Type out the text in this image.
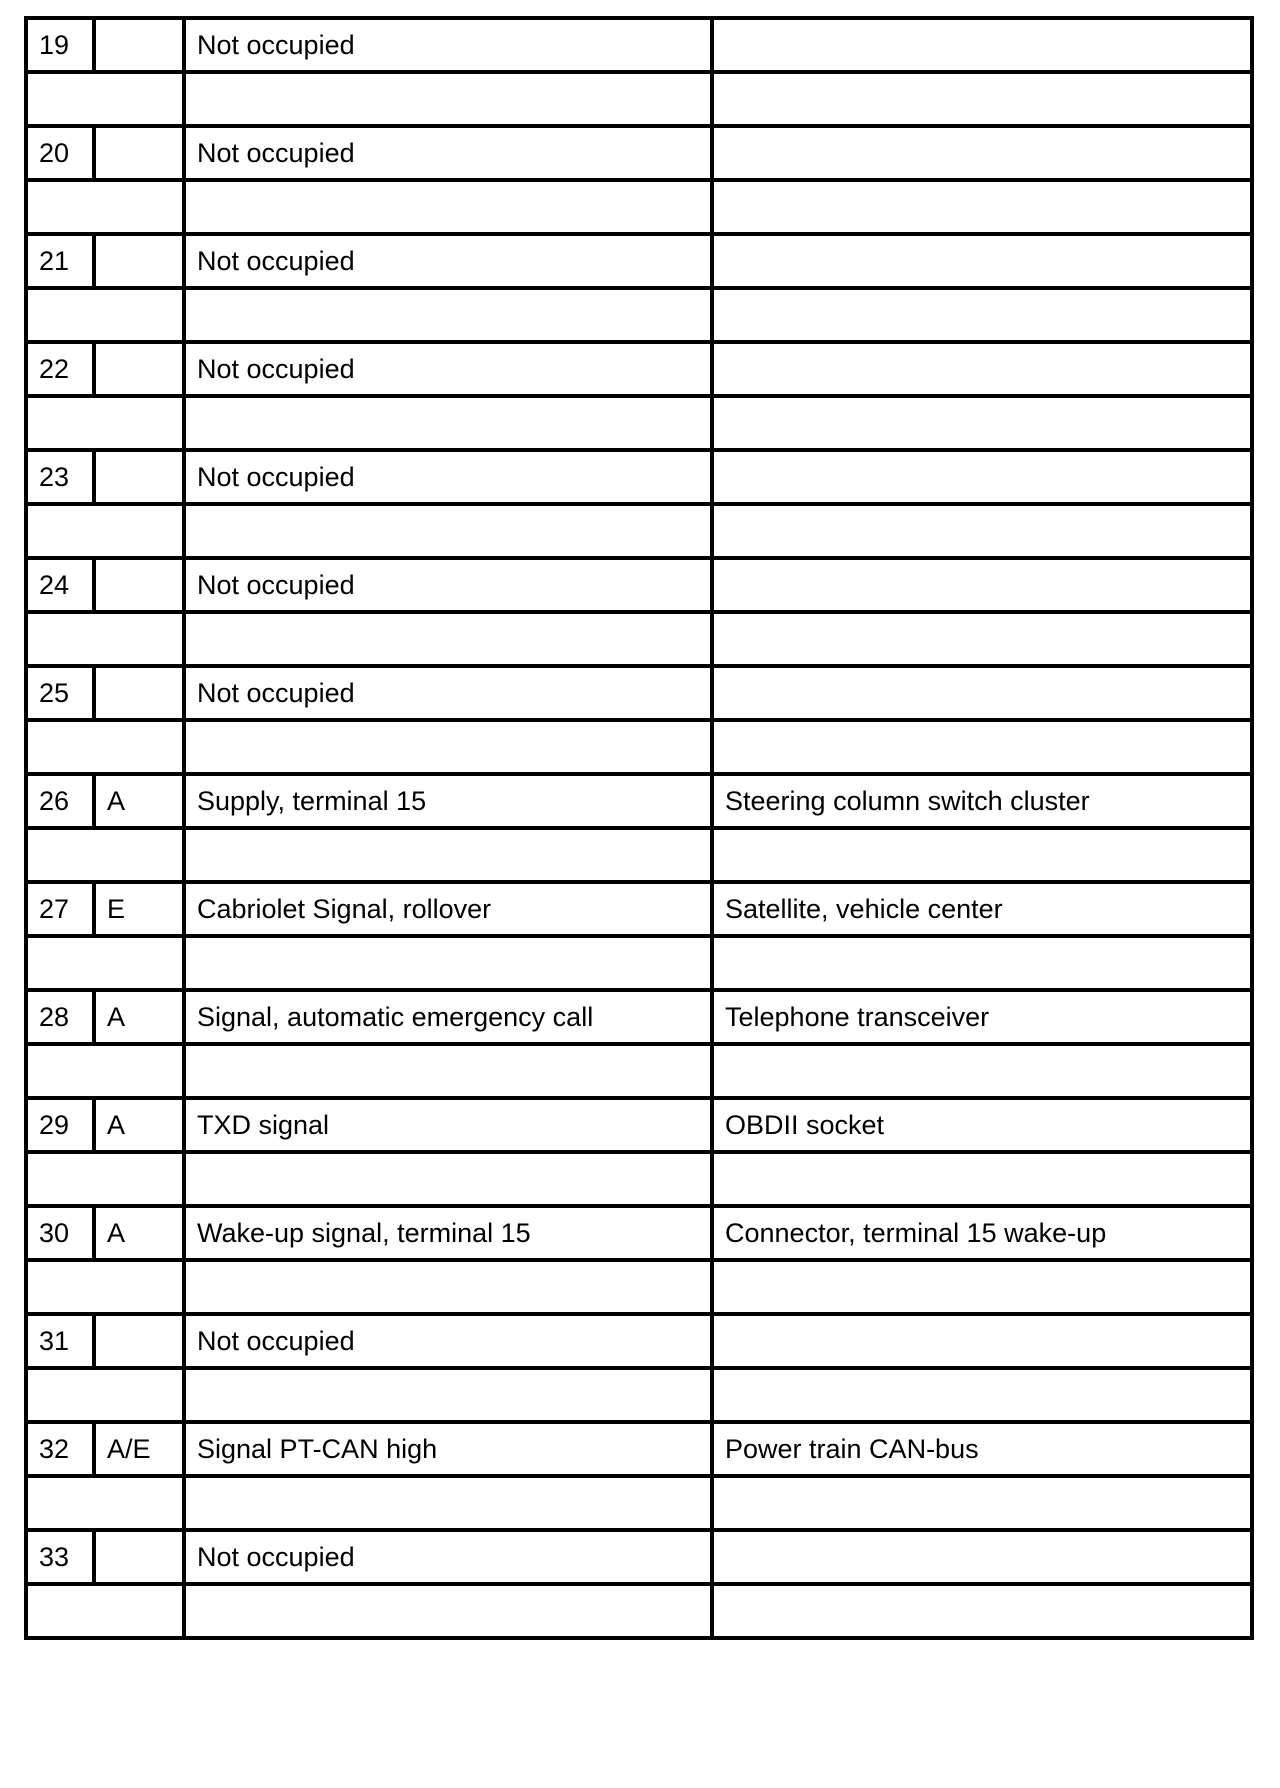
19		Not occupied	

20		Not occupied	

21		Not occupied	

22		Not occupied	

23		Not occupied	

24		Not occupied	

25		Not occupied	

26	A	Supply, terminal 15	Steering column switch cluster

27	E	Cabriolet Signal, rollover	Satellite, vehicle center

28	A	Signal, automatic emergency call	Telephone transceiver

29	A	TXD signal	OBDII socket

30	A	Wake-up signal, terminal 15	Connector, terminal 15 wake-up

31		Not occupied	

32	A/E	Signal PT-CAN high	Power train CAN-bus

33		Not occupied	
